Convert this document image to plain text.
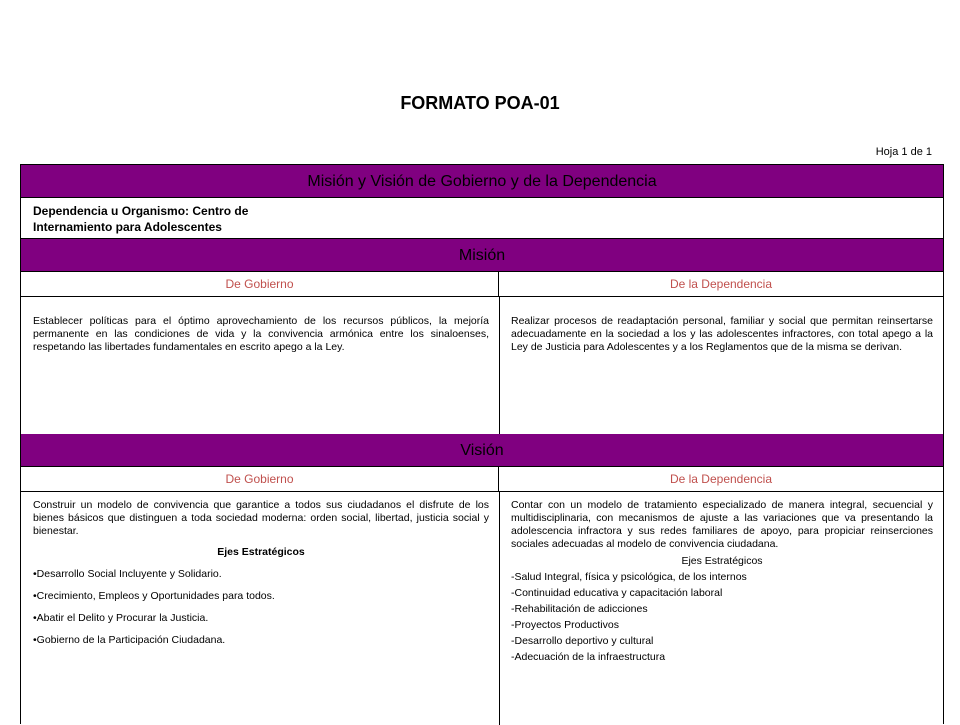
FORMATO POA-01
Hoja 1 de 1
Misión y Visión de Gobierno y de la Dependencia
Dependencia u Organismo: Centro de
Internamiento para Adolescentes
Misión
De Gobierno	De la Dependencia
Establecer políticas para el óptimo aprovechamiento de los recursos públicos, la mejoría permanente en las condiciones de vida y la convivencia armónica entre los sinaloenses, respetando las libertades fundamentales en escrito apego a la Ley.
Realizar procesos de readaptación personal, familiar y social que permitan reinsertarse adecuadamente en la sociedad a los y las adolescentes infractores, con total apego a la Ley de Justicia para Adolescentes y a los Reglamentos que de la misma se derivan.
Visión
De Gobierno	De la Dependencia
Construir un modelo de convivencia que garantice a todos sus ciudadanos el disfrute de los bienes básicos que distinguen a toda sociedad moderna: orden social, libertad, justicia social y bienestar.
Ejes Estratégicos
•Desarrollo Social Incluyente y Solidario.
•Crecimiento, Empleos y Oportunidades para todos.
•Abatir el Delito y Procurar la Justicia.
•Gobierno de la Participación Ciudadana.
Contar con un modelo de tratamiento especializado de manera integral, secuencial y multidisciplinaria, con mecanismos de ajuste a las variaciones que va presentando la adolescencia infractora y sus redes familiares de apoyo, para propiciar reinserciones sociales adecuadas al modelo de convivencia ciudadana.
Ejes Estratégicos
-Salud Integral, física y psicológica, de los internos
-Continuidad educativa y capacitación laboral
-Rehabilitación de adicciones
-Proyectos Productivos
-Desarrollo deportivo y cultural
-Adecuación de la infraestructura
